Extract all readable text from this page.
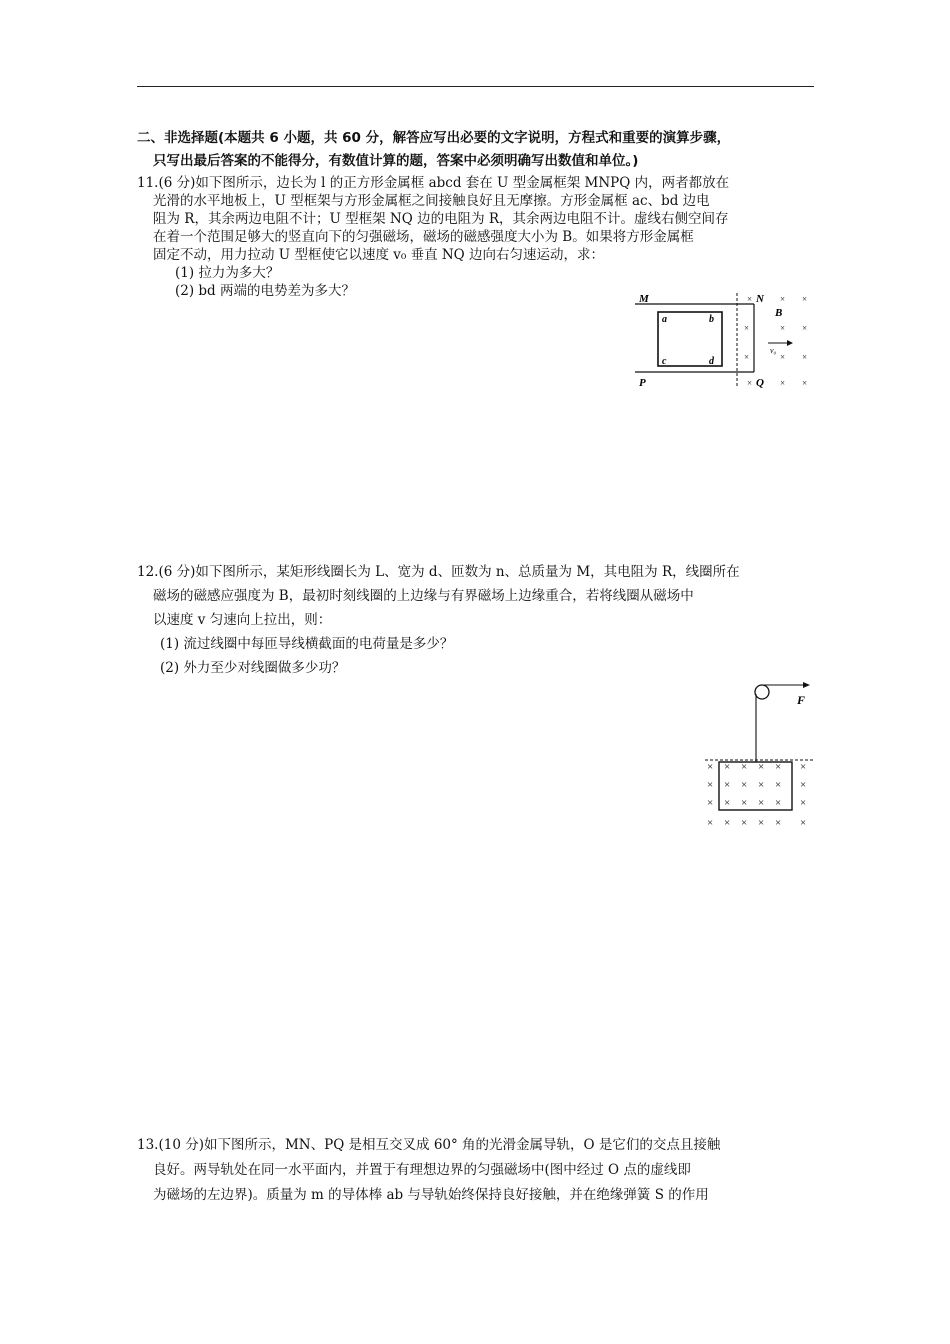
二、非选择题(本题共 6 小题，共 60 分，解答应写出必要的文字说明，方程式和重要的演算步骤，
只写出最后答案的不能得分，有数值计算的题，答案中必须明确写出数值和单位。)
11.(6 分)如下图所示，边长为 l 的正方形金属框 abcd 套在 U 型金属框架 MNPQ 内，两者都放在
光滑的水平地板上，U 型框架与方形金属框之间接触良好且无摩擦。方形金属框 ac、bd 边电
阻为 R，其余两边电阻不计；U 型框架 NQ 边的电阻为 R，其余两边电阻不计。虚线右侧空间存
在着一个范围足够大的竖直向下的匀强磁场，磁场的磁感强度大小为 B。如果将方形金属框
固定不动，用力拉动 U 型框使它以速度 v₀ 垂直 NQ 边向右匀速运动，求：
(1) 拉力为多大？
(2) bd 两端的电势差为多大？	M	N
P	Q
a	b
c	d
B
v₀
×	× ×
×	× ×
×	× ×
×	× ×
12.(6 分)如下图所示，某矩形线圈长为 L、宽为 d、匝数为 n、总质量为 M，其电阻为 R，线圈所在
磁场的磁感应强度为 B，最初时刻线圈的上边缘与有界磁场上边缘重合，若将线圈从磁场中
以速度 v 匀速向上拉出，则：
(1) 流过线圈中每匝导线横截面的电荷量是多少？
(2) 外力至少对线圈做多少功？
F
× × × × × ×
× × × × × ×
× × × × × ×
× × × × × ×
13.(10 分)如下图所示，MN、PQ 是相互交叉成 60° 角的光滑金属导轨，O 是它们的交点且接触
良好。两导轨处在同一水平面内，并置于有理想边界的匀强磁场中(图中经过 O 点的虚线即
为磁场的左边界)。质量为 m 的导体棒 ab 与导轨始终保持良好接触，并在绝缘弹簧 S 的作用
